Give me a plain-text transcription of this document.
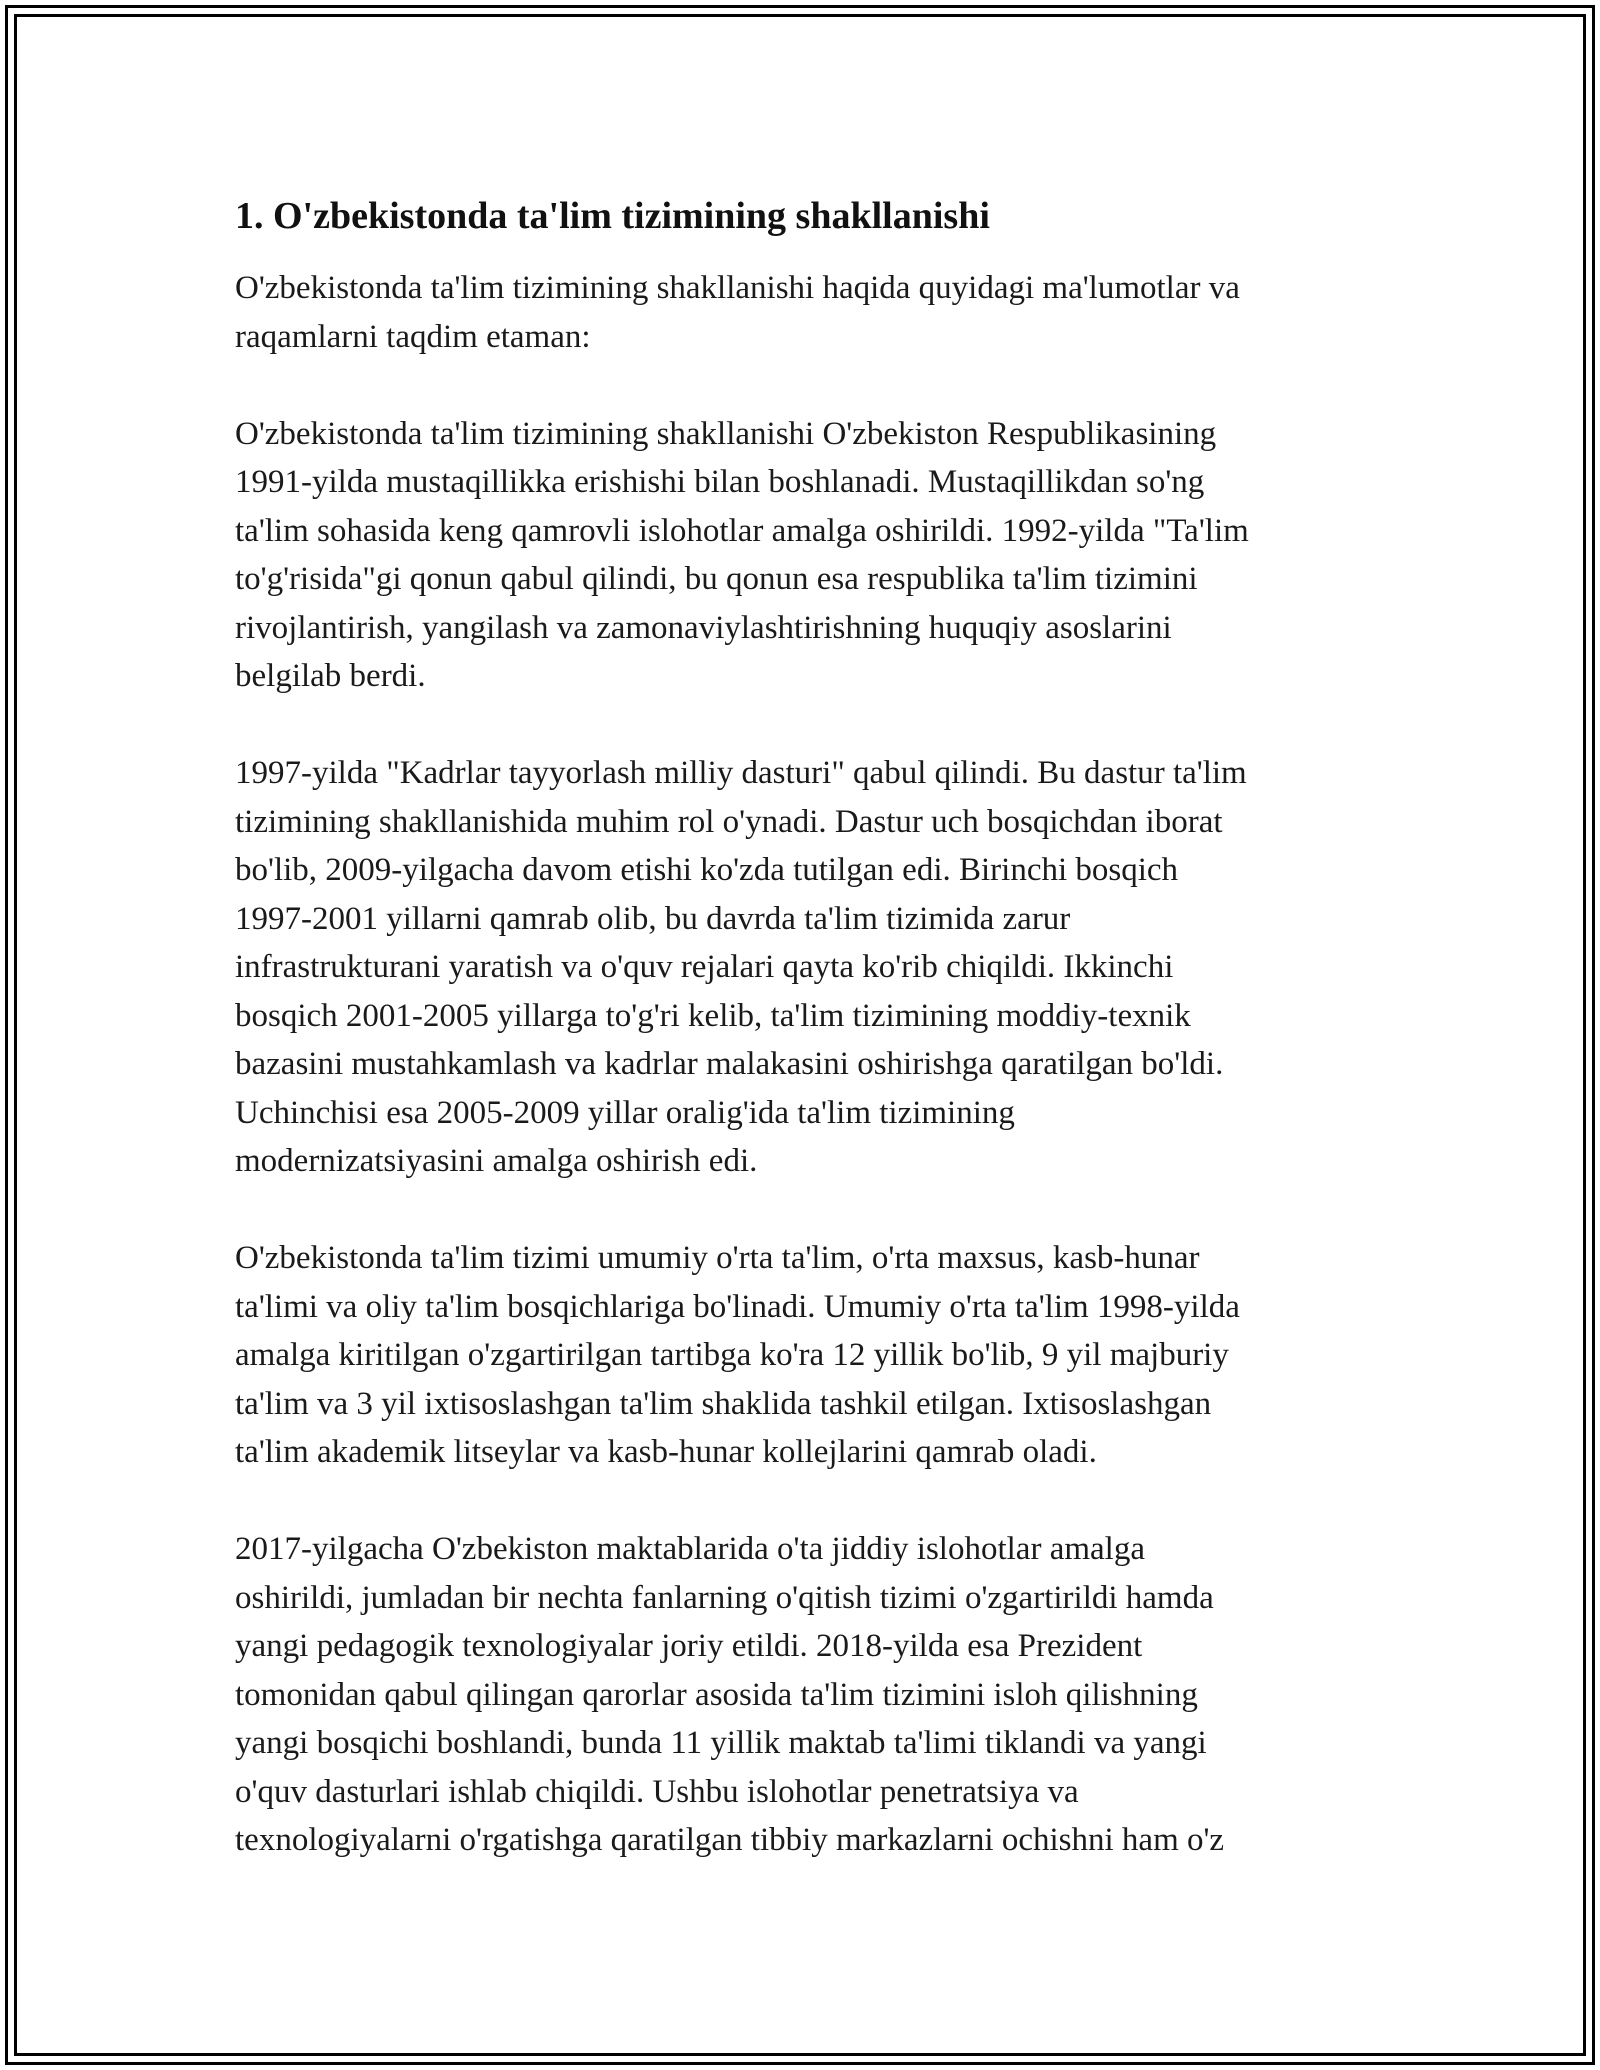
1. O'zbekistonda ta'lim tizimining shakllanishi

O'zbekistonda ta'lim tizimining shakllanishi haqida quyidagi ma'lumotlar va
raqamlarni taqdim etaman:

O'zbekistonda ta'lim tizimining shakllanishi O'zbekiston Respublikasining
1991-yilda mustaqillikka erishishi bilan boshlanadi. Mustaqillikdan so'ng
ta'lim sohasida keng qamrovli islohotlar amalga oshirildi. 1992-yilda "Ta'lim
to'g'risida"gi qonun qabul qilindi, bu qonun esa respublika ta'lim tizimini
rivojlantirish, yangilash va zamonaviylashtirishning huquqiy asoslarini
belgilab berdi.

1997-yilda "Kadrlar tayyorlash milliy dasturi" qabul qilindi. Bu dastur ta'lim
tizimining shakllanishida muhim rol o'ynadi. Dastur uch bosqichdan iborat
bo'lib, 2009-yilgacha davom etishi ko'zda tutilgan edi. Birinchi bosqich
1997-2001 yillarni qamrab olib, bu davrda ta'lim tizimida zarur
infrastrukturani yaratish va o'quv rejalari qayta ko'rib chiqildi. Ikkinchi
bosqich 2001-2005 yillarga to'g'ri kelib, ta'lim tizimining moddiy-texnik
bazasini mustahkamlash va kadrlar malakasini oshirishga qaratilgan bo'ldi.
Uchinchisi esa 2005-2009 yillar oralig'ida ta'lim tizimining
modernizatsiyasini amalga oshirish edi.

O'zbekistonda ta'lim tizimi umumiy o'rta ta'lim, o'rta maxsus, kasb-hunar
ta'limi va oliy ta'lim bosqichlariga bo'linadi. Umumiy o'rta ta'lim 1998-yilda
amalga kiritilgan o'zgartirilgan tartibga ko'ra 12 yillik bo'lib, 9 yil majburiy
ta'lim va 3 yil ixtisoslashgan ta'lim shaklida tashkil etilgan. Ixtisoslashgan
ta'lim akademik litseylar va kasb-hunar kollejlarini qamrab oladi.

2017-yilgacha O'zbekiston maktablarida o'ta jiddiy islohotlar amalga
oshirildi, jumladan bir nechta fanlarning o'qitish tizimi o'zgartirildi hamda
yangi pedagogik texnologiyalar joriy etildi. 2018-yilda esa Prezident
tomonidan qabul qilingan qarorlar asosida ta'lim tizimini isloh qilishning
yangi bosqichi boshlandi, bunda 11 yillik maktab ta'limi tiklandi va yangi
o'quv dasturlari ishlab chiqildi. Ushbu islohotlar penetratsiya va
texnologiyalarni o'rgatishga qaratilgan tibbiy markazlarni ochishni ham o'z
